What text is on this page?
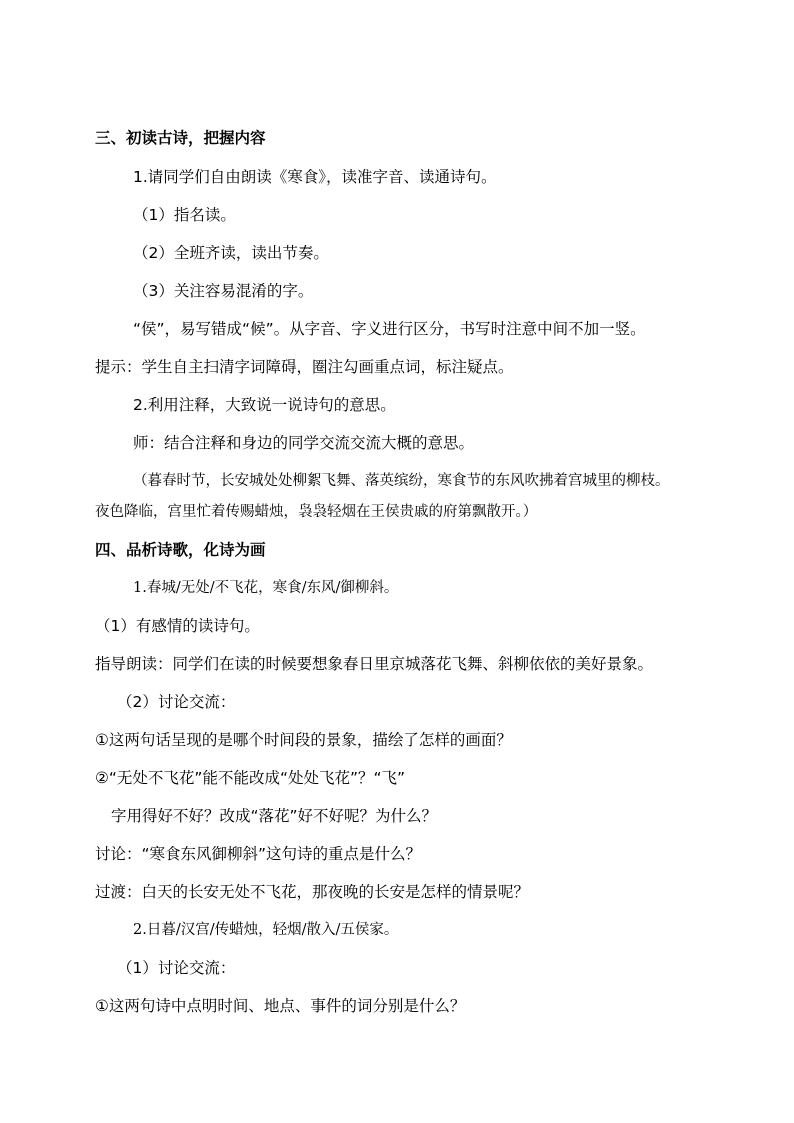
三、初读古诗，把握内容
1.请同学们自由朗读《寒食》，读准字音、读通诗句。
（1）指名读。
（2）全班齐读，读出节奏。
（3）关注容易混淆的字。
“侯”，易写错成“候”。从字音、字义进行区分，书写时注意中间不加一竖。
提示：学生自主扫清字词障碍，圈注勾画重点词，标注疑点。
2.利用注释，大致说一说诗句的意思。
师：结合注释和身边的同学交流交流大概的意思。
（暮春时节，长安城处处柳絮飞舞、落英缤纷，寒食节的东风吹拂着宫城里的柳枝。
夜色降临，宫里忙着传赐蜡烛，袅袅轻烟在王侯贵戚的府第飘散开。）
四、品析诗歌，化诗为画
1.春城/无处/不飞花，寒食/东风/御柳斜。
（1）有感情的读诗句。
指导朗读：同学们在读的时候要想象春日里京城落花飞舞、斜柳依依的美好景象。
（2）讨论交流：
①这两句话呈现的是哪个时间段的景象，描绘了怎样的画面？
②“无处不飞花”能不能改成“处处飞花”？“飞”
字用得好不好？改成“落花”好不好呢？为什么？
讨论：“寒食东风御柳斜”这句诗的重点是什么？
过渡：白天的长安无处不飞花，那夜晚的长安是怎样的情景呢？
2.日暮/汉宫/传蜡烛，轻烟/散入/五侯家。
（1）讨论交流：
①这两句诗中点明时间、地点、事件的词分别是什么？
